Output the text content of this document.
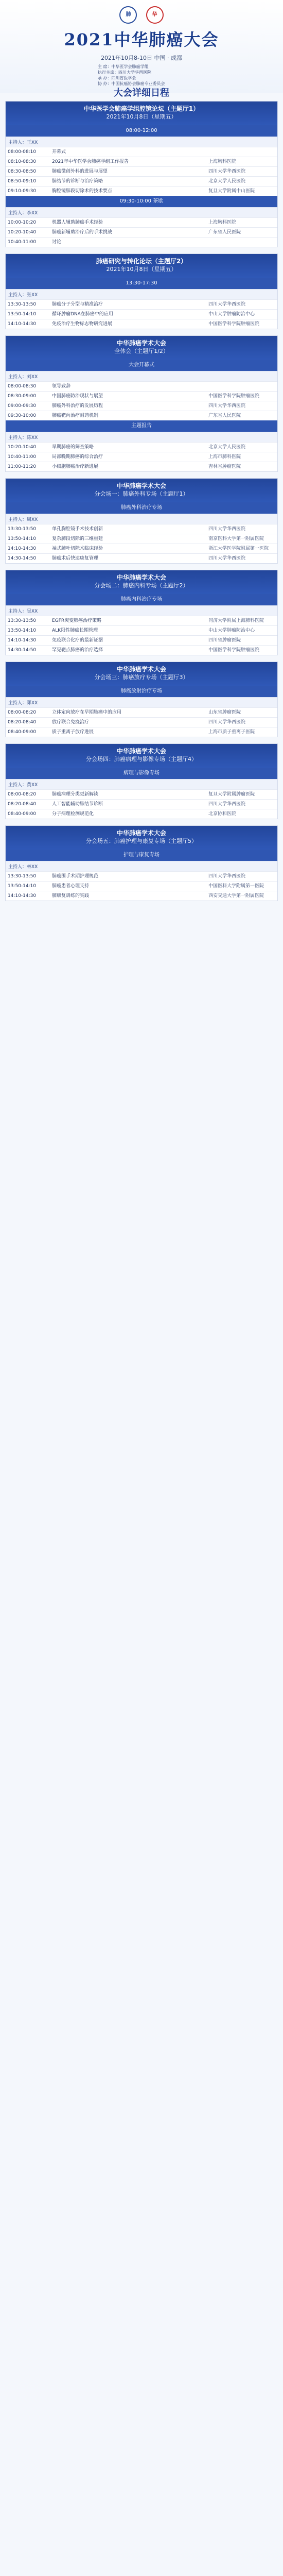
肺
	华
2021中华肺癌大会
2021年10月8-10日 中国 · 成都
主 席：中华医学会肺癌学组
执行主席：四川大学华西医院
承 办：四川省医学会
协 办：中国抗癌协会肺癌专业委员会
大会详细日程
中华医学会肺癌学组腔镜论坛（主题厅1）
2021年10月8日（星期五）
08:00-12:00
主持人：王XX
08:00-08:10	开幕式
08:10-08:30	2021年中华医学会肺癌学组工作报告	上海胸科医院
08:30-08:50	肺癌微创外科的进展与展望	四川大学华西医院
08:50-09:10	肺结节的诊断与治疗策略	北京大学人民医院
09:10-09:30	胸腔镜肺段切除术的技术要点	复旦大学附属中山医院
09:30-10:00 茶歇
主持人：李XX
10:00-10:20	机器人辅助肺癌手术经验	上海胸科医院
10:20-10:40	肺癌新辅助治疗后的手术挑战	广东省人民医院
10:40-11:00	讨论
肺癌研究与转化论坛（主题厅2）
2021年10月8日（星期五）
13:30-17:30
主持人：张XX
13:30-13:50	肺癌分子分型与精准治疗	四川大学华西医院
13:50-14:10	循环肿瘤DNA在肺癌中的应用	中山大学肿瘤防治中心
14:10-14:30	免疫治疗生物标志物研究进展	中国医学科学院肿瘤医院
中华肺癌学术大会
全体会（主题厅1/2）
大会开幕式
主持人：刘XX
08:00-08:30	领导致辞
08:30-09:00	中国肺癌防治现状与展望	中国医学科学院肿瘤医院
09:00-09:30	肺癌外科治疗的发展历程	四川大学华西医院
09:30-10:00	肺癌靶向治疗耐药机制	广东省人民医院
主题报告
主持人：陈XX
10:20-10:40	早期肺癌的筛查策略	北京大学人民医院
10:40-11:00	局部晚期肺癌的综合治疗	上海市肺科医院
11:00-11:20	小细胞肺癌治疗新进展	吉林省肿瘤医院
中华肺癌学术大会
分会场一：肺癌外科专场（主题厅1）
肺癌外科治疗专场
主持人：周XX
13:30-13:50	单孔胸腔镜手术技术创新	四川大学华西医院
13:50-14:10	复杂肺段切除的三维重建	南京医科大学第一附属医院
14:10-14:30	袖式肺叶切除术临床经验	浙江大学医学院附属第一医院
14:30-14:50	肺癌术后快速康复管理	四川大学华西医院
中华肺癌学术大会
分会场二：肺癌内科专场（主题厅2）
肺癌内科治疗专场
主持人：吴XX
13:30-13:50	EGFR突变肺癌治疗策略	同济大学附属上海肺科医院
13:50-14:10	ALK阳性肺癌长期管理	中山大学肿瘤防治中心
14:10-14:30	免疫联合化疗的最新证据	四川省肿瘤医院
14:30-14:50	罕见靶点肺癌的治疗选择	中国医学科学院肿瘤医院
中华肺癌学术大会
分会场三：肺癌放疗专场（主题厅3）
肺癌放射治疗专场
主持人：郑XX
08:00-08:20	立体定向放疗在早期肺癌中的应用	山东省肿瘤医院
08:20-08:40	放疗联合免疫治疗	四川大学华西医院
08:40-09:00	质子重离子放疗进展	上海市质子重离子医院
中华肺癌学术大会
分会场四：肺癌病理与影像专场（主题厅4）
病理与影像专场
主持人：黄XX
08:00-08:20	肺癌病理分类更新解读	复旦大学附属肿瘤医院
08:20-08:40	人工智能辅助肺结节诊断	四川大学华西医院
08:40-09:00	分子病理检测规范化	北京协和医院
中华肺癌学术大会
分会场五：肺癌护理与康复专场（主题厅5）
护理与康复专场
主持人：林XX
13:30-13:50	肺癌围手术期护理规范	四川大学华西医院
13:50-14:10	肺癌患者心理支持	中国医科大学附属第一医院
14:10-14:30	肺康复训练的实践	西安交通大学第一附属医院
